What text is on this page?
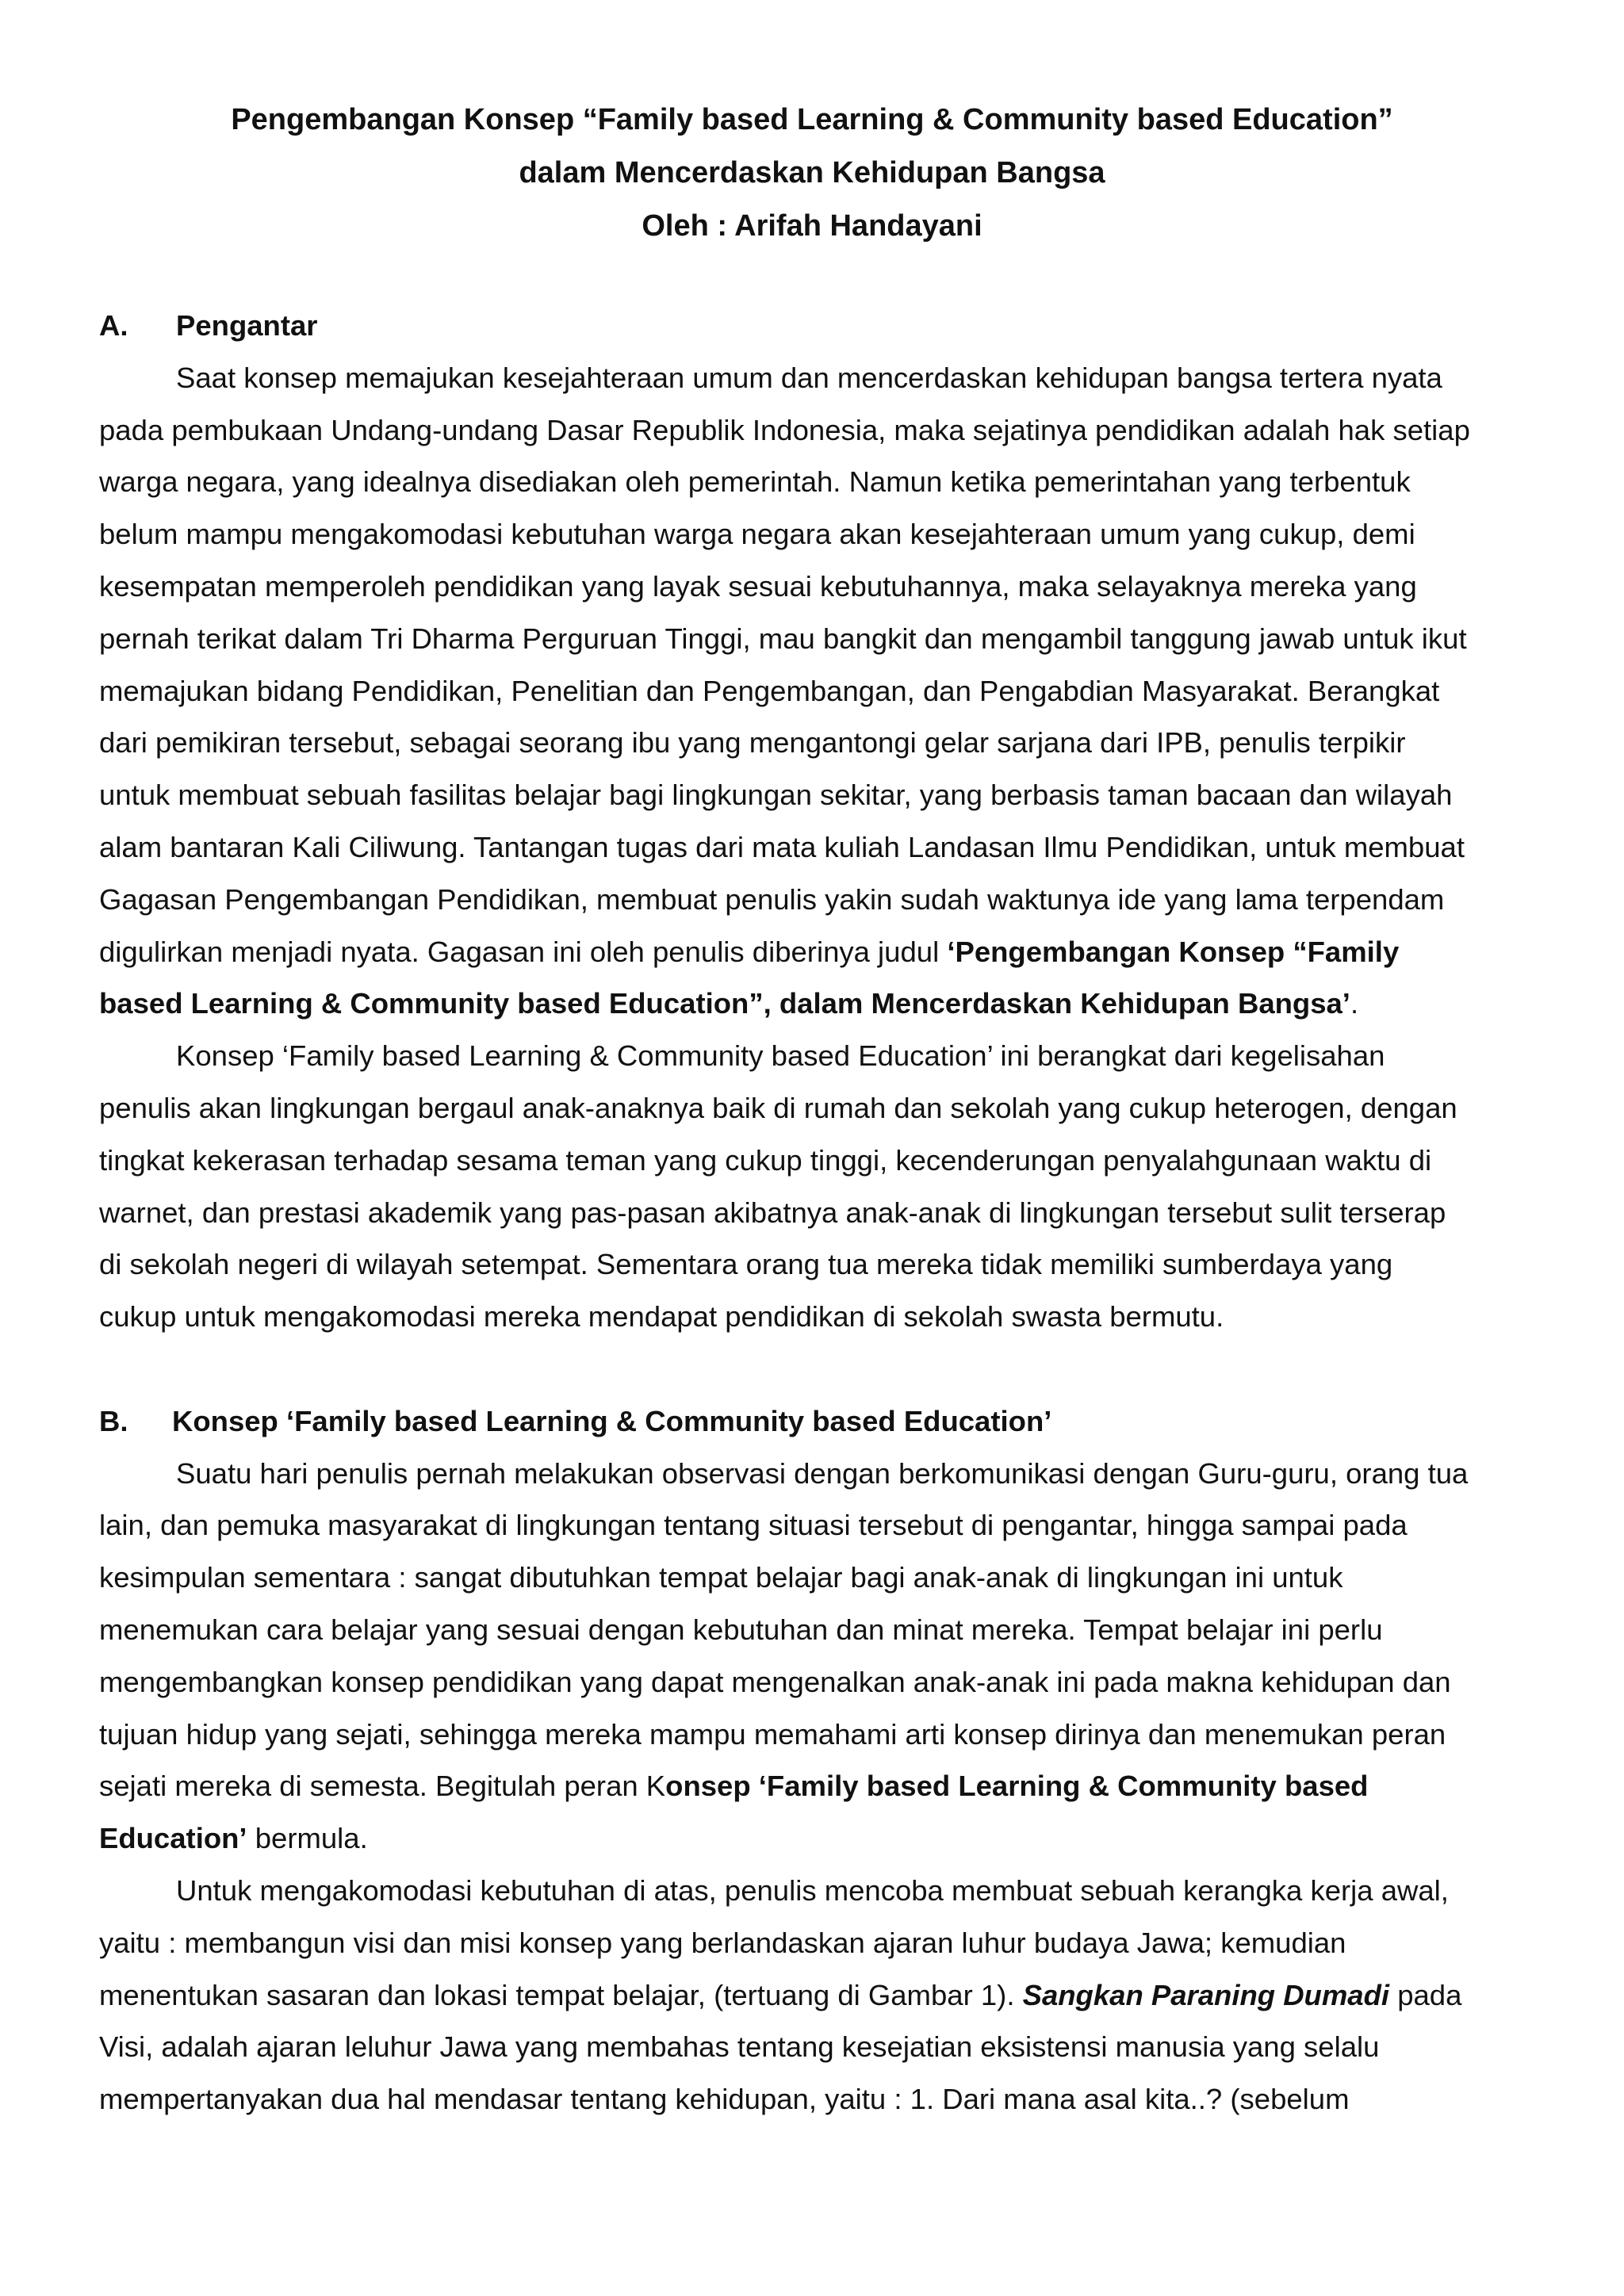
Pengembangan Konsep “Family based Learning & Community based Education”
dalam Mencerdaskan Kehidupan Bangsa
Oleh : Arifah Handayani
A. Pengantar
Saat konsep memajukan kesejahteraan umum dan mencerdaskan kehidupan bangsa tertera nyata
pada pembukaan Undang-undang Dasar Republik Indonesia, maka sejatinya pendidikan adalah hak setiap
warga negara, yang idealnya disediakan oleh pemerintah. Namun ketika pemerintahan yang terbentuk
belum mampu mengakomodasi kebutuhan warga negara akan kesejahteraan umum yang cukup, demi
kesempatan memperoleh pendidikan yang layak sesuai kebutuhannya, maka selayaknya mereka yang
pernah terikat dalam Tri Dharma Perguruan Tinggi, mau bangkit dan mengambil tanggung jawab untuk ikut
memajukan bidang Pendidikan, Penelitian dan Pengembangan, dan Pengabdian Masyarakat. Berangkat
dari pemikiran tersebut, sebagai seorang ibu yang mengantongi gelar sarjana dari IPB, penulis terpikir
untuk membuat sebuah fasilitas belajar bagi lingkungan sekitar, yang berbasis taman bacaan dan wilayah
alam bantaran Kali Ciliwung. Tantangan tugas dari mata kuliah Landasan Ilmu Pendidikan, untuk membuat
Gagasan Pengembangan Pendidikan, membuat penulis yakin sudah waktunya ide yang lama terpendam
digulirkan menjadi nyata. Gagasan ini oleh penulis diberinya judul ‘Pengembangan Konsep “Family
based Learning & Community based Education”, dalam Mencerdaskan Kehidupan Bangsa’.
Konsep ‘Family based Learning & Community based Education’ ini berangkat dari kegelisahan
penulis akan lingkungan bergaul anak-anaknya baik di rumah dan sekolah yang cukup heterogen, dengan
tingkat kekerasan terhadap sesama teman yang cukup tinggi, kecenderungan penyalahgunaan waktu di
warnet, dan prestasi akademik yang pas-pasan akibatnya anak-anak di lingkungan tersebut sulit terserap
di sekolah negeri di wilayah setempat. Sementara orang tua mereka tidak memiliki sumberdaya yang
cukup untuk mengakomodasi mereka mendapat pendidikan di sekolah swasta bermutu.
B. Konsep ‘Family based Learning & Community based Education’
Suatu hari penulis pernah melakukan observasi dengan berkomunikasi dengan Guru-guru, orang tua
lain, dan pemuka masyarakat di lingkungan tentang situasi tersebut di pengantar, hingga sampai pada
kesimpulan sementara : sangat dibutuhkan tempat belajar bagi anak-anak di lingkungan ini untuk
menemukan cara belajar yang sesuai dengan kebutuhan dan minat mereka. Tempat belajar ini perlu
mengembangkan konsep pendidikan yang dapat mengenalkan anak-anak ini pada makna kehidupan dan
tujuan hidup yang sejati, sehingga mereka mampu memahami arti konsep dirinya dan menemukan peran
sejati mereka di semesta. Begitulah peran Konsep ‘Family based Learning & Community based
Education’ bermula.
Untuk mengakomodasi kebutuhan di atas, penulis mencoba membuat sebuah kerangka kerja awal,
yaitu : membangun visi dan misi konsep yang berlandaskan ajaran luhur budaya Jawa; kemudian
menentukan sasaran dan lokasi tempat belajar, (tertuang di Gambar 1). Sangkan Paraning Dumadi pada
Visi, adalah ajaran leluhur Jawa yang membahas tentang kesejatian eksistensi manusia yang selalu
mempertanyakan dua hal mendasar tentang kehidupan, yaitu : 1. Dari mana asal kita..? (sebelum
